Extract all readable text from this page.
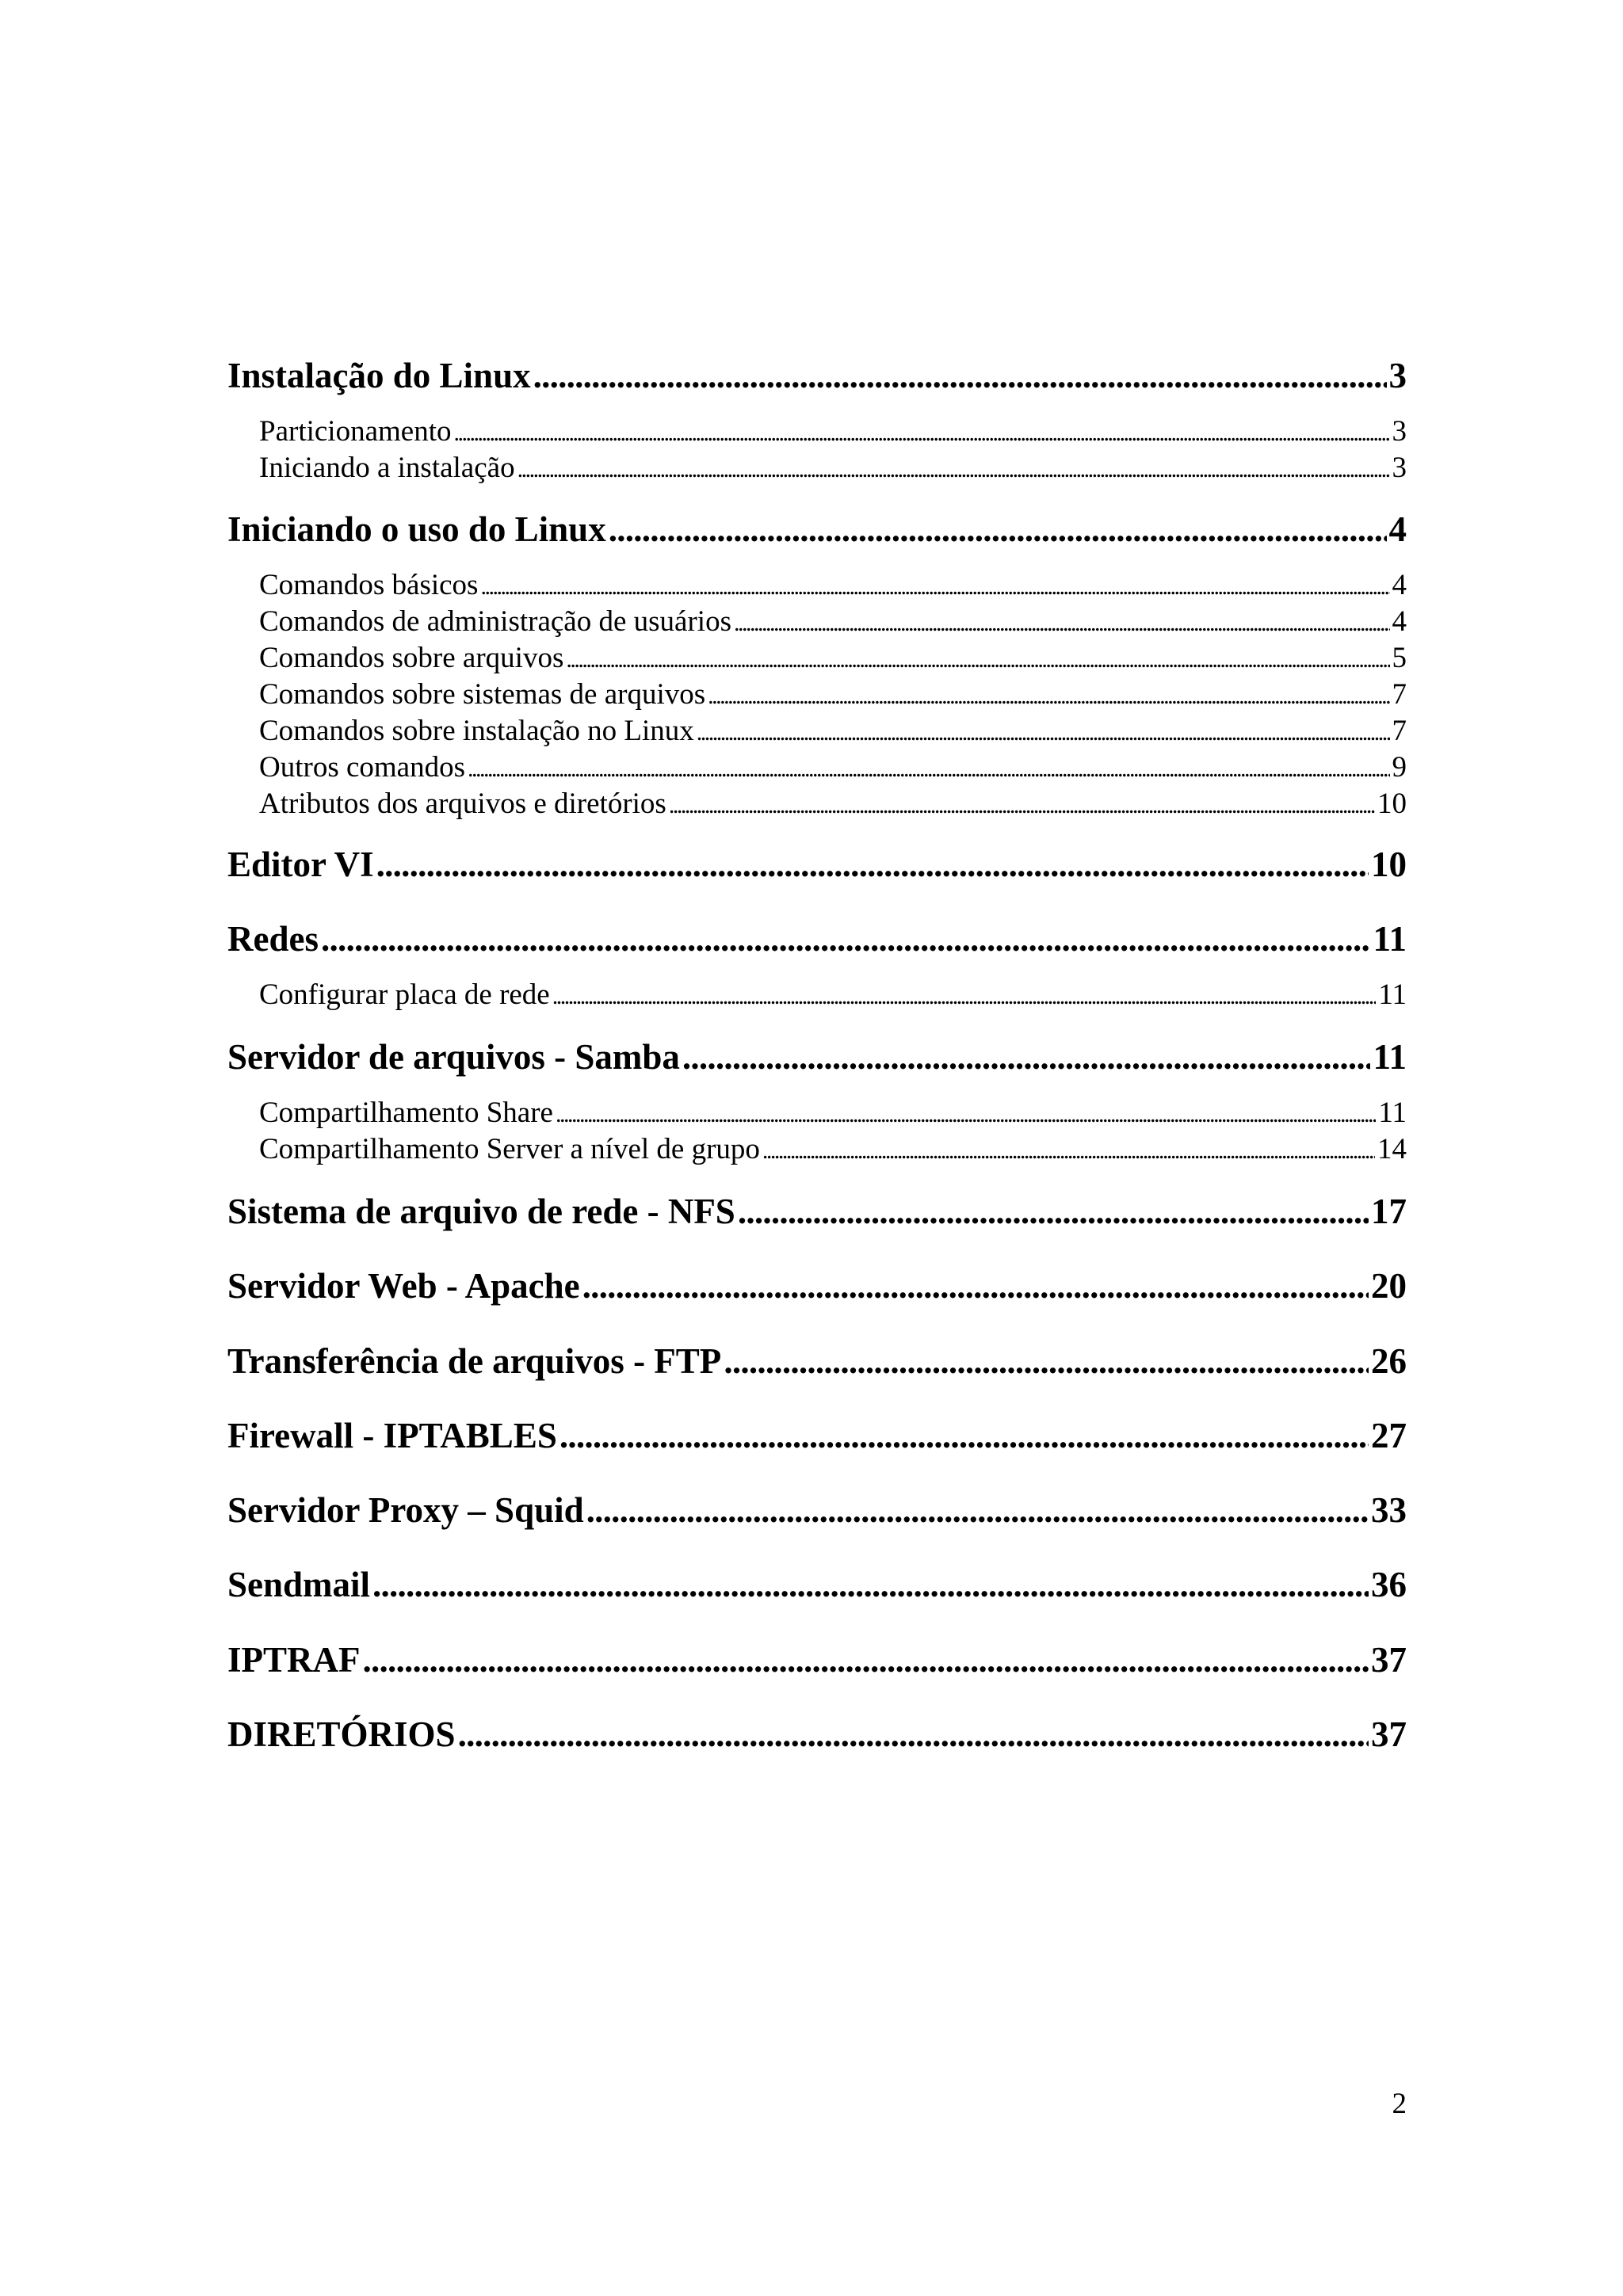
Instalação do Linux . . .	3
Particionamento . . .	3
Iniciando a instalação . . .	3
Iniciando o uso do Linux . . .	4
Comandos básicos . . .	4
Comandos de administração de usuários . . .	4
Comandos sobre arquivos . . .	5
Comandos sobre sistemas de arquivos . . .	7
Comandos sobre instalação no Linux . . .	7
Outros comandos . . .	9
Atributos dos arquivos e diretórios . . .	10
Editor VI . . .	10
Redes . . .	11
Configurar placa de rede . . .	11
Servidor de arquivos - Samba . . .	11
Compartilhamento Share . . .	11
Compartilhamento Server a nível de grupo . . .	14
Sistema de arquivo de rede - NFS . . .	17
Servidor Web - Apache . . .	20
Transferência de arquivos - FTP . . .	26
Firewall - IPTABLES . . .	27
Servidor Proxy – Squid . . .	33
Sendmail . . .	36
IPTRAF . . .	37
DIRETÓRIOS . . .	37
2
